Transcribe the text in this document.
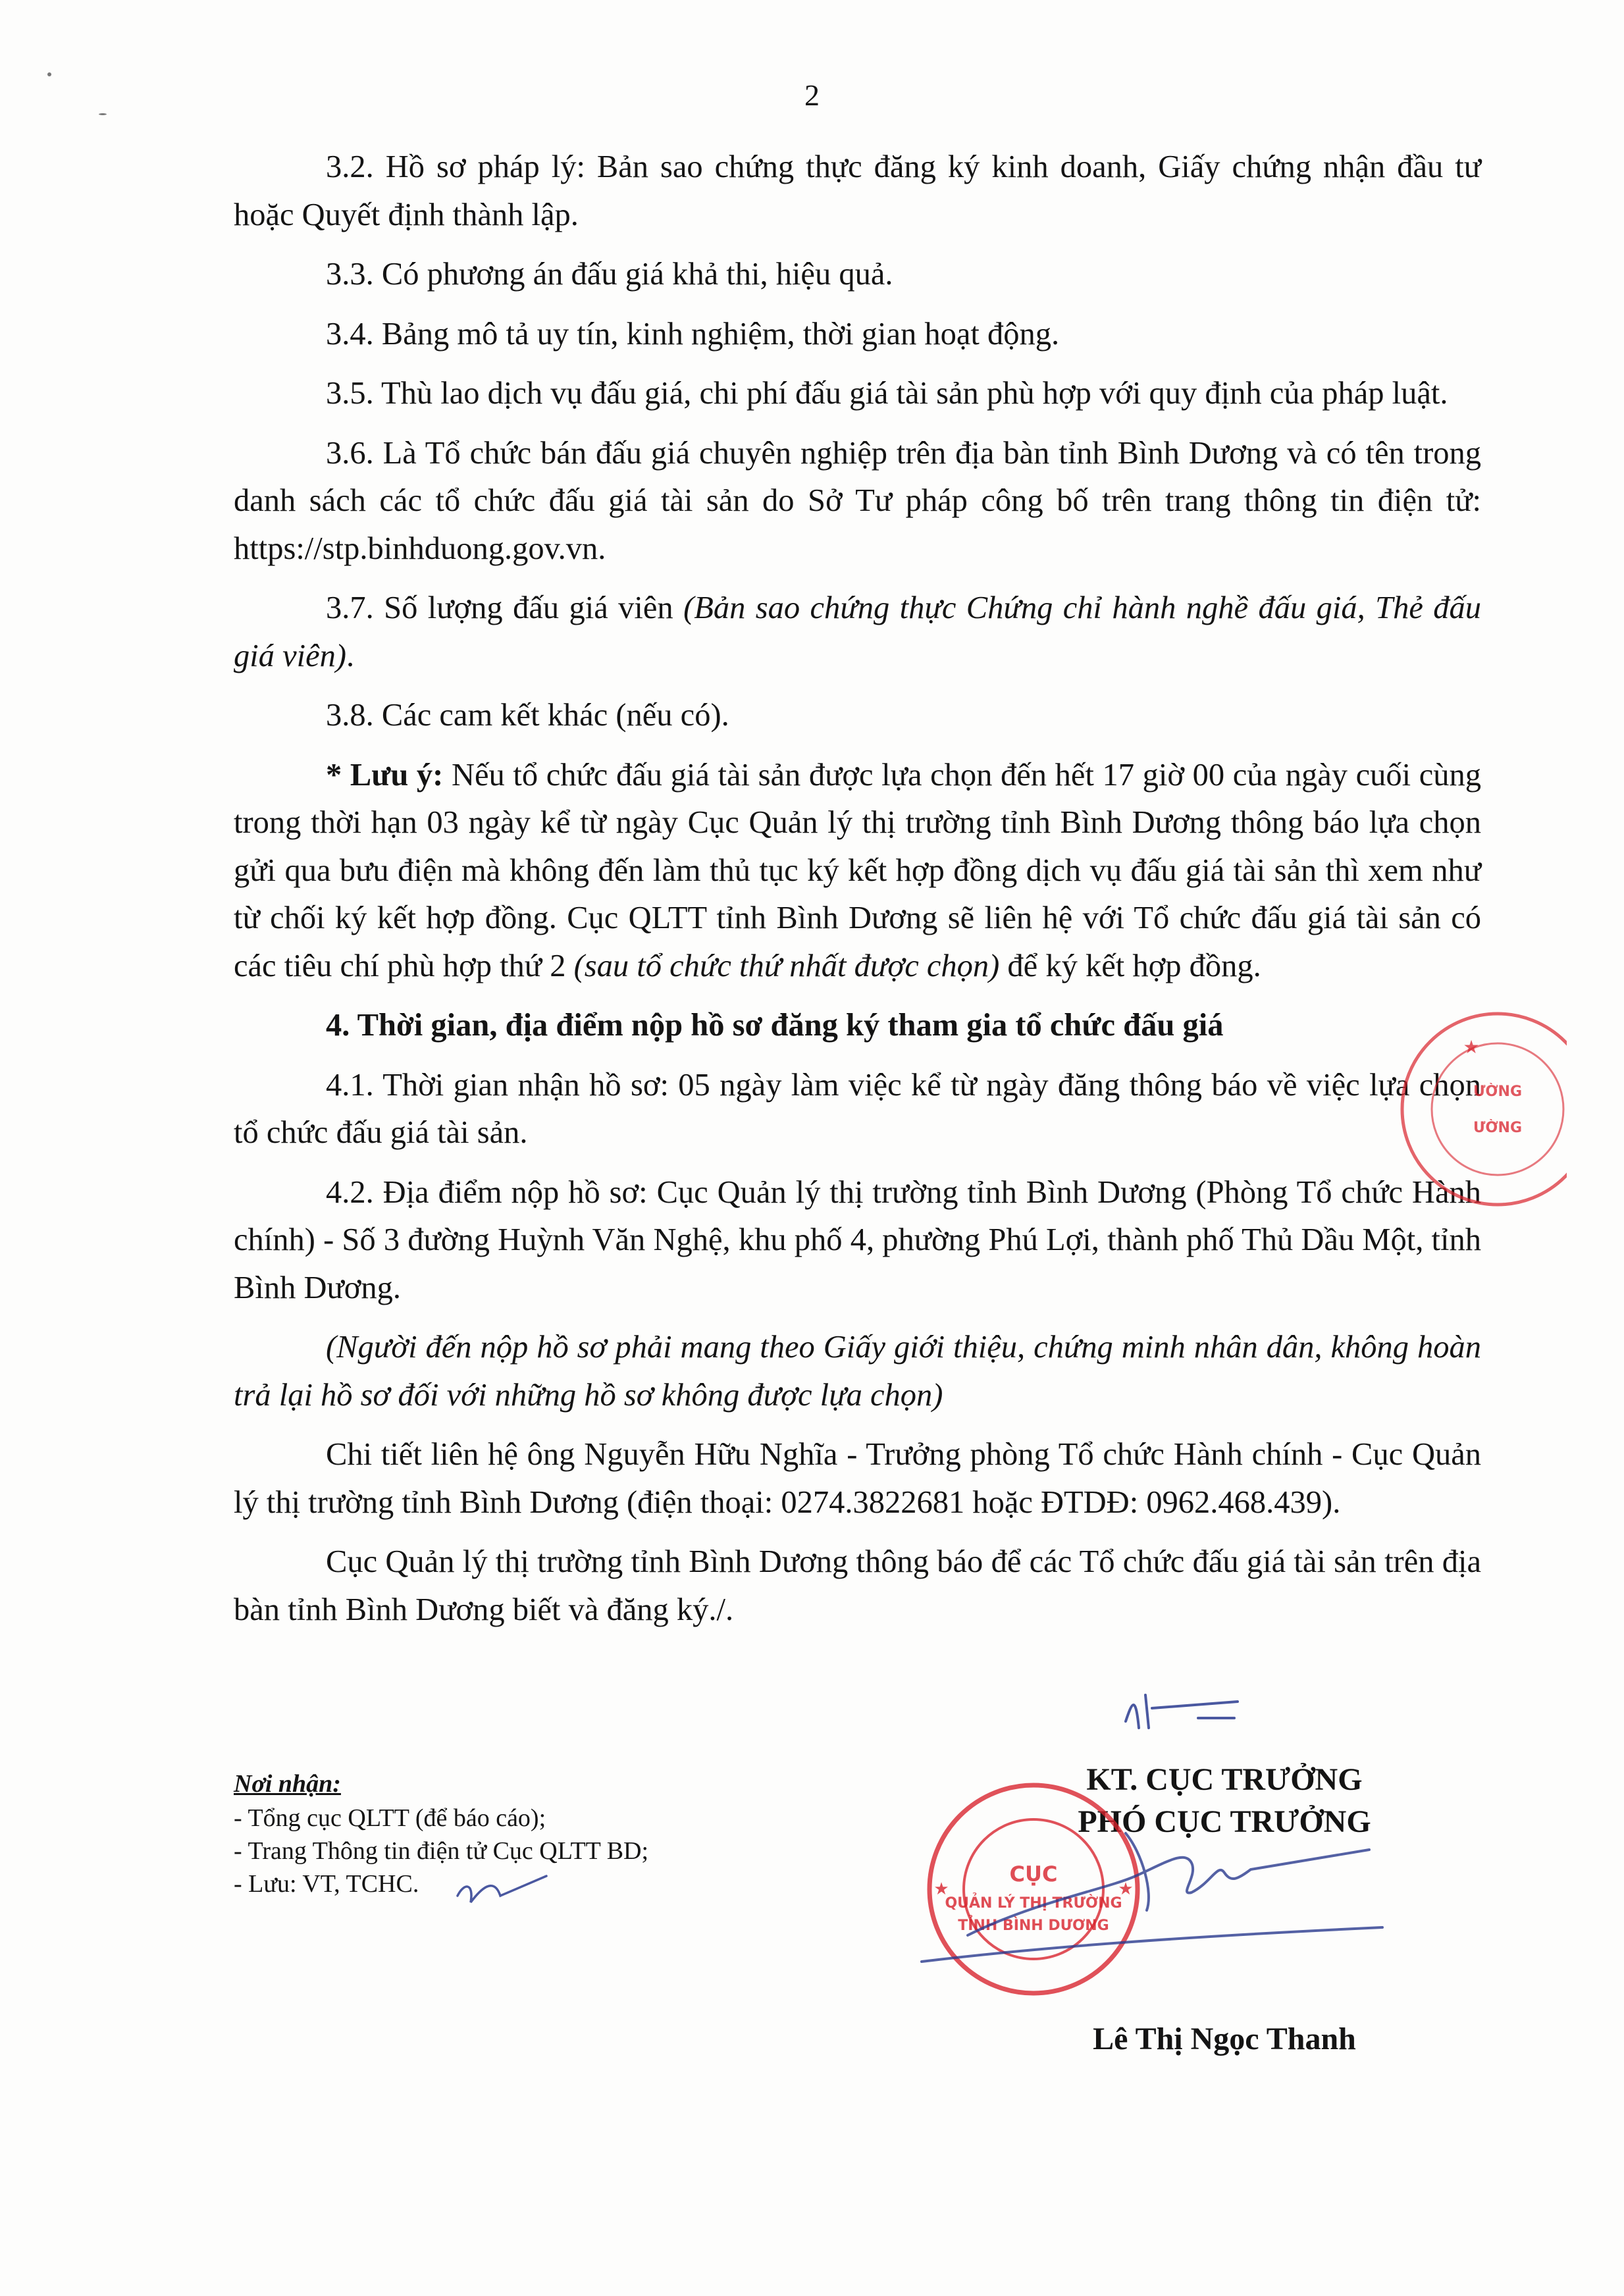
2

3.2. Hồ sơ pháp lý: Bản sao chứng thực đăng ký kinh doanh, Giấy chứng nhận đầu tư hoặc Quyết định thành lập.

3.3. Có phương án đấu giá khả thi, hiệu quả.

3.4. Bảng mô tả uy tín, kinh nghiệm, thời gian hoạt động.

3.5. Thù lao dịch vụ đấu giá, chi phí đấu giá tài sản phù hợp với quy định của pháp luật.

3.6. Là Tổ chức bán đấu giá chuyên nghiệp trên địa bàn tỉnh Bình Dương và có tên trong danh sách các tổ chức đấu giá tài sản do Sở Tư pháp công bố trên trang thông tin điện tử: https://stp.binhduong.gov.vn.

3.7. Số lượng đấu giá viên (Bản sao chứng thực Chứng chỉ hành nghề đấu giá, Thẻ đấu giá viên).

3.8. Các cam kết khác (nếu có).

* Lưu ý: Nếu tổ chức đấu giá tài sản được lựa chọn đến hết 17 giờ 00 của ngày cuối cùng trong thời hạn 03 ngày kể từ ngày Cục Quản lý thị trường tỉnh Bình Dương thông báo lựa chọn gửi qua bưu điện mà không đến làm thủ tục ký kết hợp đồng dịch vụ đấu giá tài sản thì xem như từ chối ký kết hợp đồng. Cục QLTT tỉnh Bình Dương sẽ liên hệ với Tổ chức đấu giá tài sản có các tiêu chí phù hợp thứ 2 (sau tổ chức thứ nhất được chọn) để ký kết hợp đồng.

4. Thời gian, địa điểm nộp hồ sơ đăng ký tham gia tổ chức đấu giá

4.1. Thời gian nhận hồ sơ: 05 ngày làm việc kể từ ngày đăng thông báo về việc lựa chọn tổ chức đấu giá tài sản.

4.2. Địa điểm nộp hồ sơ: Cục Quản lý thị trường tỉnh Bình Dương (Phòng Tổ chức Hành chính) - Số 3 đường Huỳnh Văn Nghệ, khu phố 4, phường Phú Lợi, thành phố Thủ Dầu Một, tỉnh Bình Dương.

(Người đến nộp hồ sơ phải mang theo Giấy giới thiệu, chứng minh nhân dân, không hoàn trả lại hồ sơ đối với những hồ sơ không được lựa chọn)

Chi tiết liên hệ ông Nguyễn Hữu Nghĩa - Trưởng phòng Tổ chức Hành chính - Cục Quản lý thị trường tỉnh Bình Dương (điện thoại: 0274.3822681 hoặc ĐTDĐ: 0962.468.439).

Cục Quản lý thị trường tỉnh Bình Dương thông báo để các Tổ chức đấu giá tài sản trên địa bàn tỉnh Bình Dương biết và đăng ký./.

Nơi nhận:
- Tổng cục QLTT (để báo cáo);
- Trang Thông tin điện tử Cục QLTT BD;
- Lưu: VT, TCHC.
KT. CỤC TRƯỞNG
PHÓ CỤC TRƯỞNG
CỤC
QUẢN LÝ THỊ TRƯỜNG
TỈNH BÌNH DƯƠNG
★	★
ƯỜNG
ƯỜNG
★
Lê Thị Ngọc Thanh
